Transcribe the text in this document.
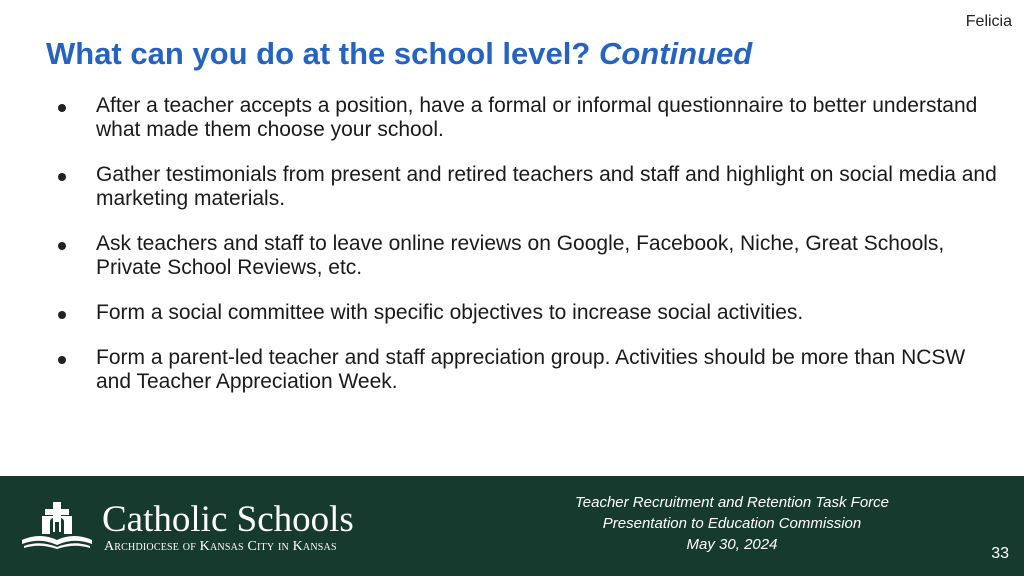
Felicia
What can you do at the school level? Continued
After a teacher accepts a position, have a formal or informal questionnaire to better understand what made them choose your school.
Gather testimonials from present and retired teachers and staff and highlight on social media and marketing materials.
Ask teachers and staff to leave online reviews on Google, Facebook, Niche, Great Schools, Private School Reviews, etc.
Form a social committee with specific objectives to increase social activities.
Form a parent-led teacher and staff appreciation group. Activities should be more than NCSW and Teacher Appreciation Week.
Catholic Schools
Archdiocese of Kansas City in Kansas
Teacher Recruitment and Retention Task Force
Presentation to Education Commission
May 30, 2024
33
